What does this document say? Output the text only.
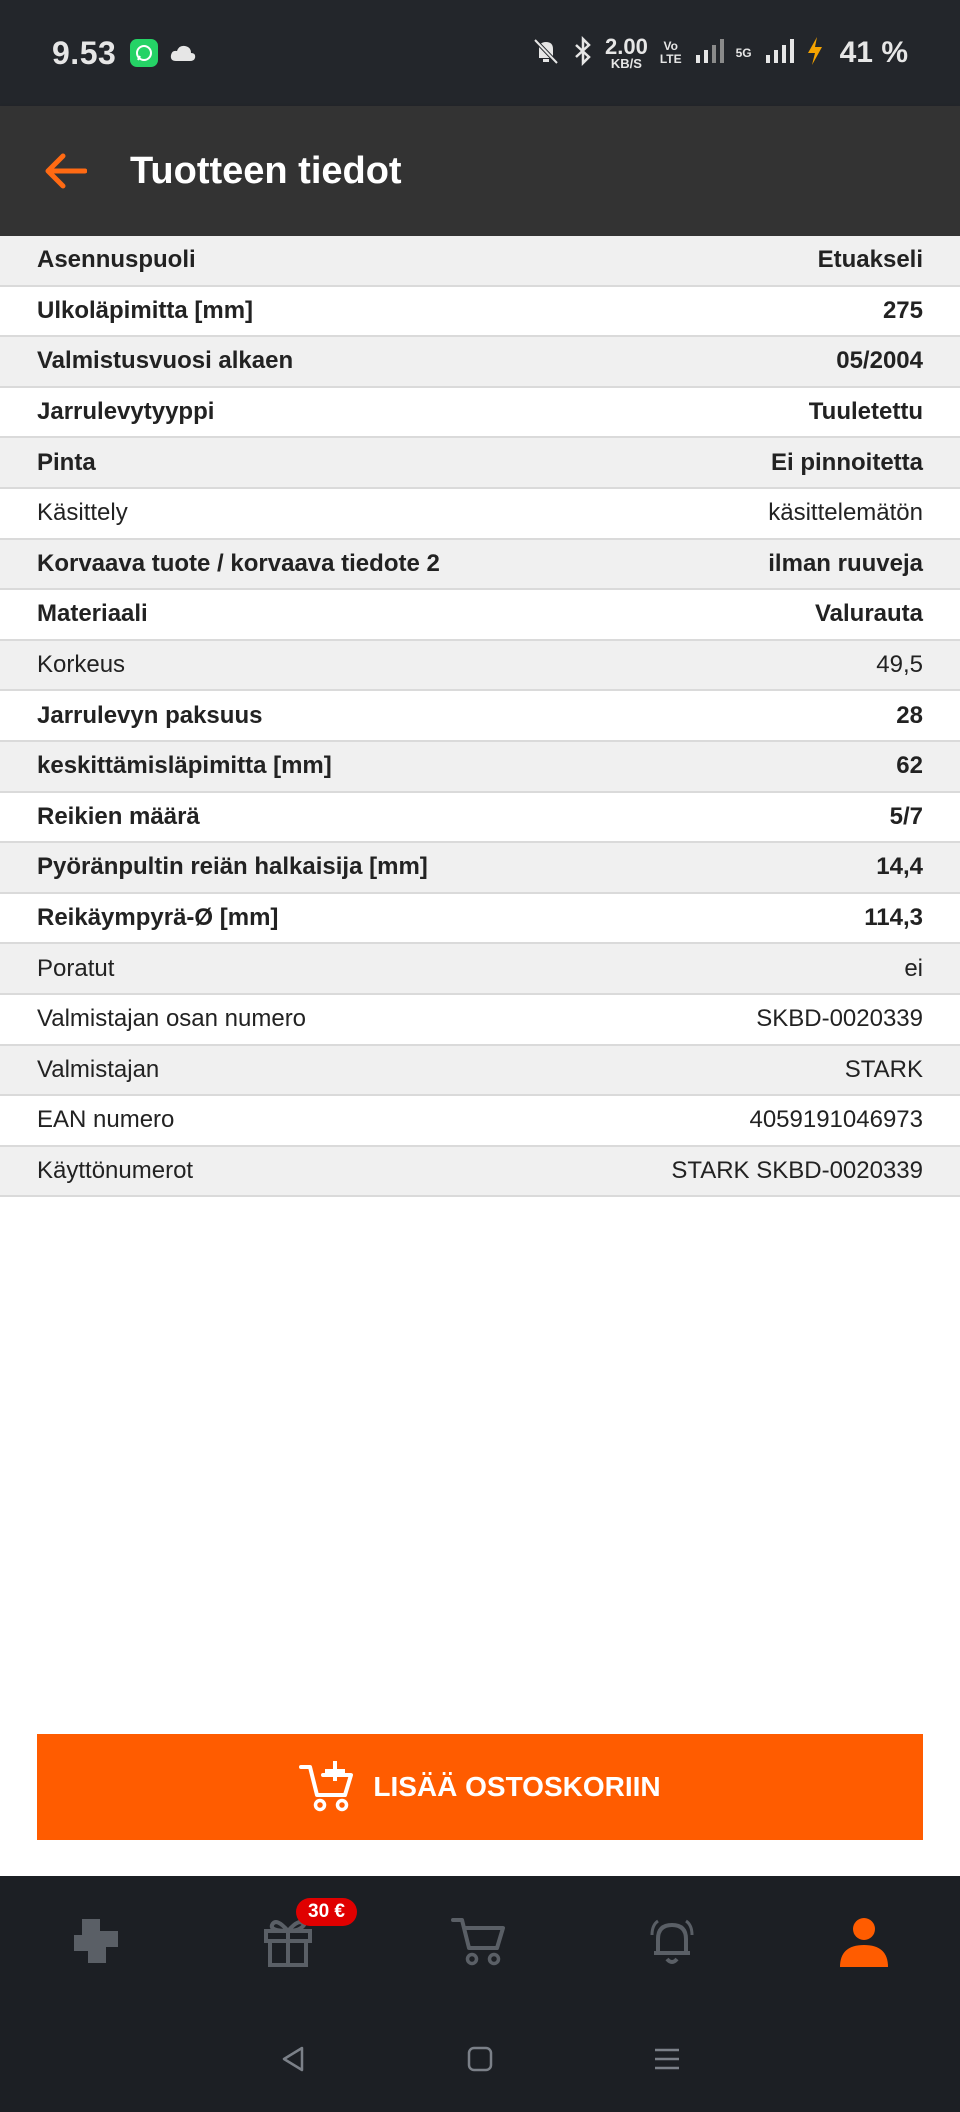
9.53	2.00
KB/S
Vo
LTE	5G	41 %
Tuotteen tiedot
Asennuspuoli	Etuakseli
Ulkoläpimitta [mm]	275
Valmistusvuosi alkaen	05/2004
Jarrulevytyyppi	Tuuletettu
Pinta	Ei pinnoitetta
Käsittely	käsittelemätön
Korvaava tuote / korvaava tiedote 2	ilman ruuveja
Materiaali	Valurauta
Korkeus	49,5
Jarrulevyn paksuus	28
keskittämisläpimitta [mm]	62
Reikien määrä	5/7
Pyöränpultin reiän halkaisija [mm]	14,4
Reikäympyrä-Ø [mm]	114,3
Poratut	ei
Valmistajan osan numero	SKBD-0020339
Valmistajan	STARK
EAN numero	4059191046973
Käyttönumerot	STARK SKBD-0020339
LISÄÄ OSTOSKORIIN
30 €
